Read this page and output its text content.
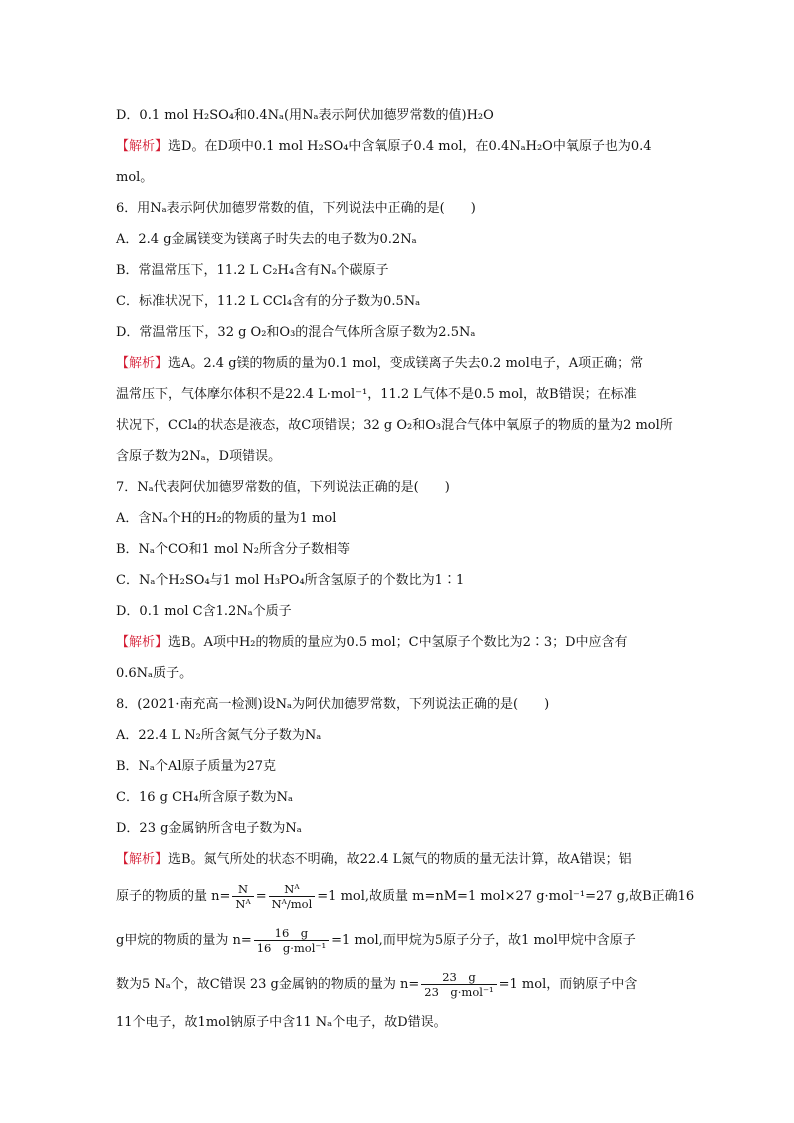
D．0.1 mol H₂SO₄和0.4Nₐ(用Nₐ表示阿伏加德罗常数的值)H₂O
【解析】选D。在D项中0.1 mol H₂SO₄中含氧原子0.4 mol，在0.4NₐH₂O中氧原子也为0.4
mol。
6．用Nₐ表示阿伏加德罗常数的值，下列说法中正确的是(　　)
A．2.4 g金属镁变为镁离子时失去的电子数为0.2Nₐ
B．常温常压下，11.2 L C₂H₄含有Nₐ个碳原子
C．标准状况下，11.2 L CCl₄含有的分子数为0.5Nₐ
D．常温常压下，32 g O₂和O₃的混合气体所含原子数为2.5Nₐ
【解析】选A。2.4 g镁的物质的量为0.1 mol，变成镁离子失去0.2 mol电子，A项正确；常
温常压下，气体摩尔体积不是22.4 L·mol⁻¹，11.2 L气体不是0.5 mol，故B错误；在标准
状况下，CCl₄的状态是液态，故C项错误；32 g O₂和O₃混合气体中氧原子的物质的量为2 mol所
含原子数为2Nₐ，D项错误。
7．Nₐ代表阿伏加德罗常数的值，下列说法正确的是(　　)
A．含Nₐ个H的H₂的物质的量为1 mol
B．Nₐ个CO和1 mol N₂所含分子数相等
C．Nₐ个H₂SO₄与1 mol H₃PO₄所含氢原子的个数比为1∶1
D．0.1 mol C含1.2Nₐ个质子
【解析】选B。A项中H₂的物质的量应为0.5 mol；C中氢原子个数比为2∶3；D中应含有
0.6Nₐ质子。
8．(2021·南充高一检测)设Nₐ为阿伏加德罗常数，下列说法正确的是(　　)
A．22.4 L N₂所含氮气分子数为Nₐ
B．Nₐ个Al原子质量为27克
C．16 g CH₄所含原子数为Nₐ
D．23 g金属钠所含电子数为Nₐ
【解析】选B。氮气所处的状态不明确，故22.4 L氮气的物质的量无法计算，故A错误；铝
原子的物质的量 $n= \frac{N}{\text{Nᴬ}} = \frac{\text{Nᴬ}}{\text{Nᴬ/mol}} =1$ mol,故质量 m=nM=1 mol×27 g·mol⁻¹=27 g,故B正确16
g甲烷的物质的量为 $n= \frac{16 g}{\text{16　g·mol⁻¹}} =1$ mol,而甲烷为5原子分子，故1 mol甲烷中含原子
数为5 Nₐ个，故C错误 23 g金属钠的物质的量为 $n= \frac{23 g}{\text{23　g·mol⁻¹}} =1$ mol，而钠原子中含
11个电子，故1mol钠原子中含11 Nₐ个电子，故D错误。
